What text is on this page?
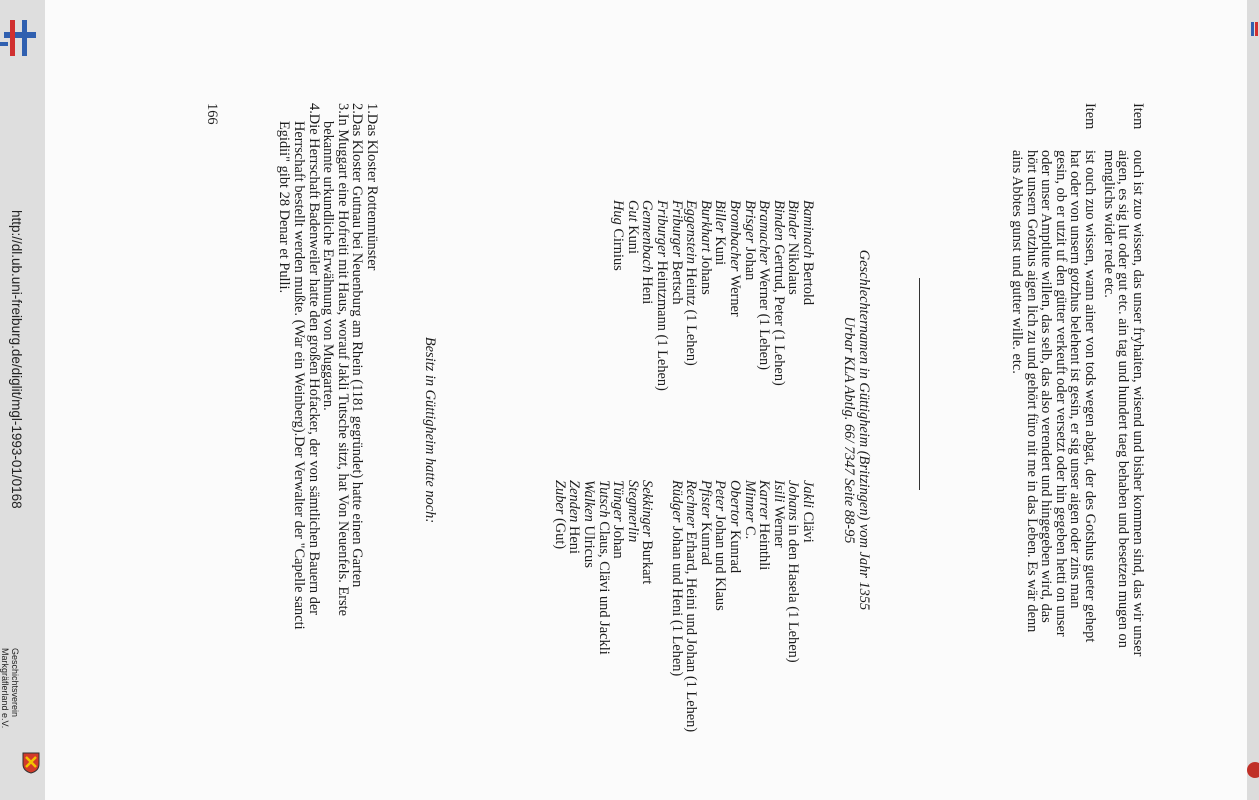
Item
ouch ist zuo wissen, das unser fryhaiten, wisend und bisher kommen sind, das wir unser
aigen, es sig lut oder gut etc. ain tag und hundert taeg behaben und besetzen mugen on
menglichs wider rede etc.
Item
ist ouch zuo wissen, wann ainer von tods wegen abgat, der des Gotshus gueter gehept
hat oder von unsern gotzhus belehent ist gesin, er sig unser aigen oder zins man
gesin, ob er utzit uf den gütter verkeuft oder versetzt oder hin gegeben hetti on unser
oder unser Amptlute willen, das selb, das also verendert und hingegeben wird, das
hört unsern Gotzhus aigen lich zu und gehört füro nit me in das Leben. Es wär denn
ains Abbtes gunst und gutter wille. etc.
Geschlechternamen in Güttigheim (Britzingen) vom Jahr 1355
Urbar KLA Abtlg. 66/ 7347 Seite 88-95
Baminach Bertold
Binder Nikolaus
Binden Gertrud, Peter (1 Lehen)
Bramacher Werner (1 Lehen)
Brisger Johan
Brombacher Werner
Biller Kuni
Burkhart Johans
Eggenstein Heintz (1 Lehen)
Friburger Bertsch
Friburger Heintzmann (1 Lehen)
Gennenbach Heni
Gut Kuni
Hug Cirnius
Jakli Clävi
Johans in den Hasela (1 Lehen)
Isili Werner
Karrer Heinthli
Minner C.
Obertor Kunrad
Peter Johan und Klaus
Pfister Kunrad
Rechner Erhard, Heini und Johan (1 Lehen)
Rüdger Johan und Heni (1 Lehen)
Sekkinger Burkart
Stegmerlin
Tünger Johan
Tutsch Claus, Clävi und Jackli
Walken Ulricus
Zenden Heni
Zuber (Gut)
Besitz in Güttigheim hatte noch:
1.Das Kloster Rottenmünster
2.Das Kloster Gutnau bei Neuenburg am Rhein (1181 gegründet) hatte einen Garten
3.In Muggart eine Hofreiti mit Haus, worauf Jakli Tutsche sitzt, hat Von Neuenfels. Erste
bekannte urkundliche Erwähnung von Muggarten.
4.Die Herrschaft Badenweiler hatte den großen Hofacker, der von sämtlichen Bauern der
Herrschaft bestellt werden mußte. (War ein Weinberg).Der Verwalter der "Capelle sancti
Egidii" gibt 28 Denar et Pulli.
166
http://dl.ub.uni-freiburg.de/diglit/mgl-1993-01/0168
Geschichtsverein
Markgräflerland e.V.
